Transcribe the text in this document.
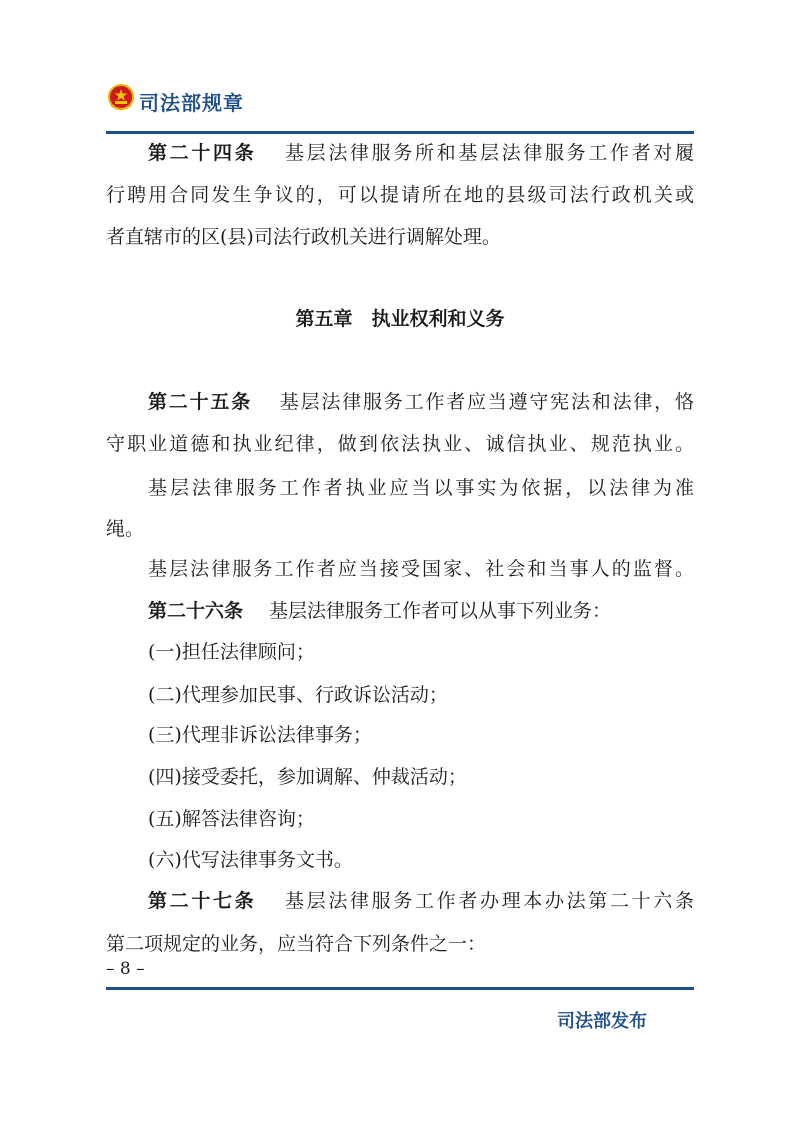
司法部规章
第二十四条 基层法律服务所和基层法律服务工作者对履
行聘用合同发生争议的，可以提请所在地的县级司法行政机关或
者直辖市的区(县)司法行政机关进行调解处理。
第五章　执业权利和义务
第二十五条 基层法律服务工作者应当遵守宪法和法律，恪
守职业道德和执业纪律，做到依法执业、诚信执业、规范执业。
基层法律服务工作者执业应当以事实为依据，以法律为准
绳。
基层法律服务工作者应当接受国家、社会和当事人的监督。
第二十六条 基层法律服务工作者可以从事下列业务：
(一)担任法律顾问；
(二)代理参加民事、行政诉讼活动；
(三)代理非诉讼法律事务；
(四)接受委托，参加调解、仲裁活动；
(五)解答法律咨询；
(六)代写法律事务文书。
第二十七条 基层法律服务工作者办理本办法第二十六条
第二项规定的业务，应当符合下列条件之一：
– 8 –
司法部发布
